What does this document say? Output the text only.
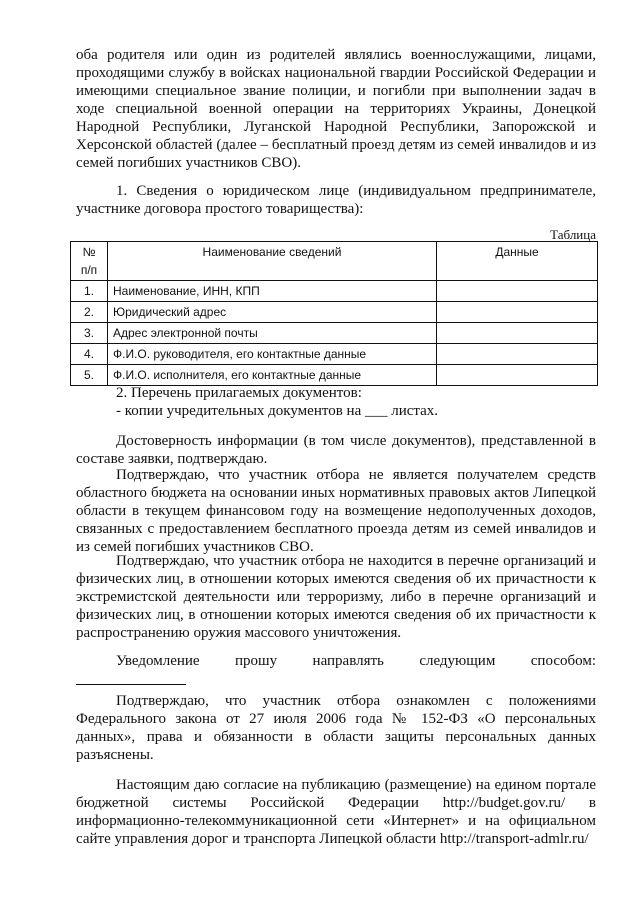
оба родителя или один из родителей являлись военнослужащими, лицами, проходящими службу в войсках национальной гвардии Российской Федерации и имеющими специальное звание полиции, и погибли при выполнении задач в ходе специальной военной операции на территориях Украины, Донецкой Народной Республики, Луганской Народной Республики, Запорожской и Херсонской областей (далее – бесплатный проезд детям из семей инвалидов и из семей погибших участников СВО).

1. Сведения о юридическом лице (индивидуальном предпринимателе, участнике договора простого товарищества):

Таблица
№ п/п	Наименование сведений	Данные
1.	Наименование, ИНН, КПП	
2.	Юридический адрес	
3.	Адрес электронной почты	
4.	Ф.И.О. руководителя, его контактные данные	
5.	Ф.И.О. исполнителя, его контактные данные	

2. Перечень прилагаемых документов:

- копии учредительных документов на ___ листах.

Достоверность информации (в том числе документов), представленной в составе заявки, подтверждаю.

Подтверждаю, что участник отбора не является получателем средств областного бюджета на основании иных нормативных правовых актов Липецкой области в текущем финансовом году на возмещение недополученных доходов, связанных с предоставлением бесплатного проезда детям из семей инвалидов и из семей погибших участников СВО.

Подтверждаю, что участник отбора не находится в перечне организаций и физических лиц, в отношении которых имеются сведения об их причастности к экстремистской деятельности или терроризму, либо в перечне организаций и физических лиц, в отношении которых имеются сведения об их причастности к распространению оружия массового уничтожения.

Уведомление прошу направлять следующим способом:

Подтверждаю, что участник отбора ознакомлен с положениями Федерального закона от 27 июля 2006 года № 152-ФЗ «О персональных данных», права и обязанности в области защиты персональных данных разъяснены.

Настоящим даю согласие на публикацию (размещение) на едином портале бюджетной системы Российской Федерации http://budget.gov.ru/ в информационно-телекоммуникационной сети «Интернет» и на официальном сайте управления дорог и транспорта Липецкой области http://transport-admlr.ru/
